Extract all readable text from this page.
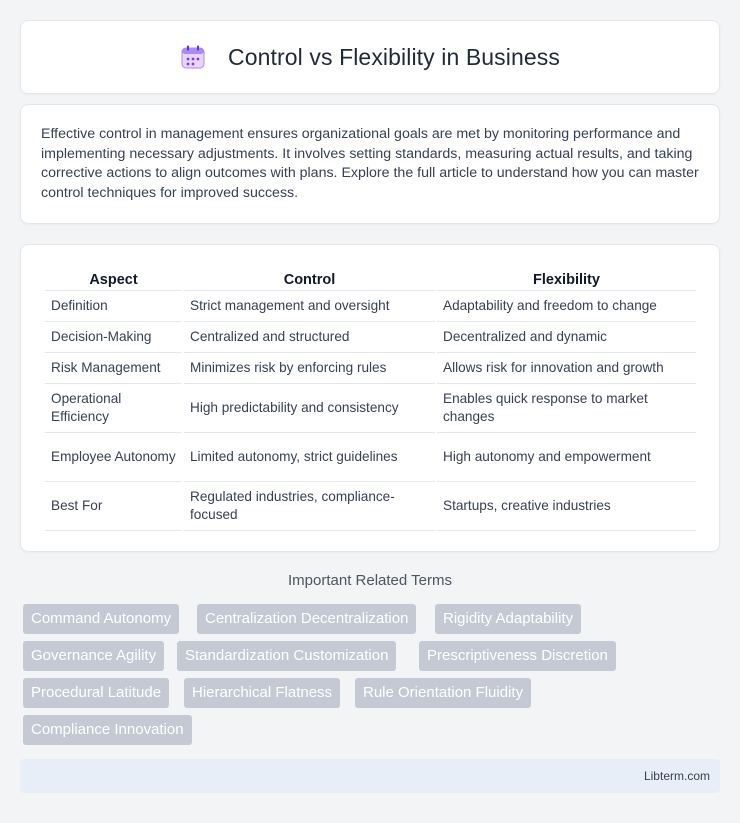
Control vs Flexibility in Business

Effective control in management ensures organizational goals are met by monitoring performance and implementing necessary adjustments. It involves setting standards, measuring actual results, and taking corrective actions to align outcomes with plans. Explore the full article to understand how you can master control techniques for improved success.

Aspect	Control	Flexibility
Definition	Strict management and oversight	Adaptability and freedom to change
Decision-Making	Centralized and structured	Decentralized and dynamic
Risk Management	Minimizes risk by enforcing rules	Allows risk for innovation and growth
Operational Efficiency	High predictability and consistency	Enables quick response to market changes
Employee Autonomy	Limited autonomy, strict guidelines	High autonomy and empowerment
Best For	Regulated industries, compliance-focused	Startups, creative industries
Important Related Terms
Command Autonomy	Centralization Decentralization	Rigidity Adaptability
Governance Agility	Standardization Customization	Prescriptiveness Discretion
Procedural Latitude	Hierarchical Flatness	Rule Orientation Fluidity
Compliance Innovation
Libterm.com
